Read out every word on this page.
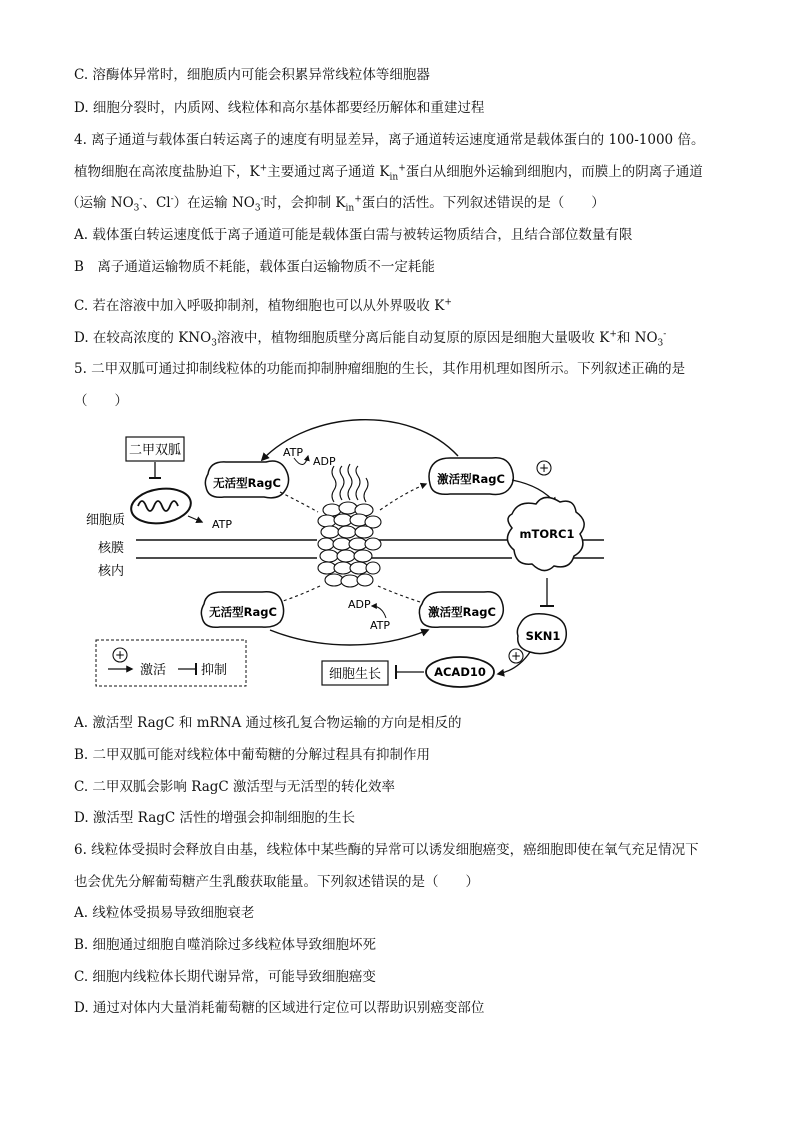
C. 溶酶体异常时，细胞质内可能会积累异常线粒体等细胞器
D. 细胞分裂时，内质网、线粒体和高尔基体都要经历解体和重建过程
4. 离子通道与载体蛋白转运离子的速度有明显差异，离子通道转运速度通常是载体蛋白的 100-1000 倍。
植物细胞在高浓度盐胁迫下，K+主要通过离子通道 $K_{in}^+$蛋白从细胞外运输到细胞内，而膜上的阴离子通道
（运输 $NO_3^-$、Cl-）在运输 $NO_3^-$时，会抑制 $K_{in}^+$蛋白的活性。下列叙述错误的是（　　）
A. 载体蛋白转运速度低于离子通道可能是载体蛋白需与被转运物质结合，且结合部位数量有限
B　离子通道运输物质不耗能，载体蛋白运输物质不一定耗能
C. 若在溶液中加入呼吸抑制剂，植物细胞也可以从外界吸收 K+
D. 在较高浓度的 $KNO_3$溶液中，植物细胞质壁分离后能自动复原的原因是细胞大量吸收 K+和 $NO_3^-$
5. 二甲双胍可通过抑制线粒体的功能而抑制肿瘤细胞的生长，其作用机理如图所示。下列叙述正确的是
（　　）
二甲双胍
ATP
细胞质
核膜
核内
无活型RagC	激活型RagC
ATP
ADP	+
mTORC1
无活型RagC	激活型RagC
ADP
ATP
SKN1
+
ACAD10
细胞生长
+
激活	抑制
A. 激活型 RagC 和 mRNA 通过核孔复合物运输的方向是相反的
B. 二甲双胍可能对线粒体中葡萄糖的分解过程具有抑制作用
C. 二甲双胍会影响 RagC 激活型与无活型的转化效率
D. 激活型 RagC 活性的增强会抑制细胞的生长
6. 线粒体受损时会释放自由基，线粒体中某些酶的异常可以诱发细胞癌变，癌细胞即使在氧气充足情况下
也会优先分解葡萄糖产生乳酸获取能量。下列叙述错误的是（　　）
A. 线粒体受损易导致细胞衰老
B. 细胞通过细胞自噬消除过多线粒体导致细胞坏死
C. 细胞内线粒体长期代谢异常，可能导致细胞癌变
D. 通过对体内大量消耗葡萄糖的区域进行定位可以帮助识别癌变部位
